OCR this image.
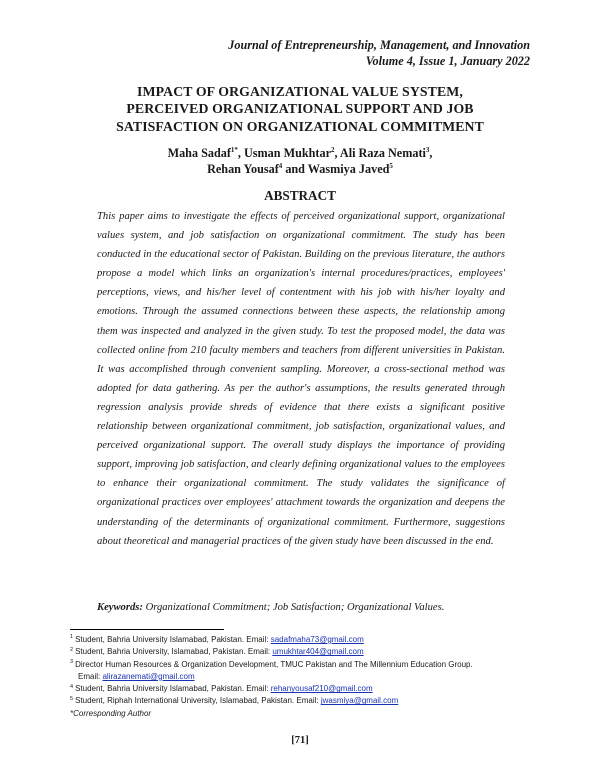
Journal of Entrepreneurship, Management, and Innovation
Volume 4, Issue 1, January 2022
IMPACT OF ORGANIZATIONAL VALUE SYSTEM,
PERCEIVED ORGANIZATIONAL SUPPORT AND JOB
SATISFACTION ON ORGANIZATIONAL COMMITMENT
Maha Sadaf$^{1*}$, Usman Mukhtar$^2$, Ali Raza Nemati$^3$,
Rehan Yousaf$^4$ and Wasmiya Javed$^5$
ABSTRACT
This paper aims to investigate the effects of perceived organizational support, organizational values system, and job satisfaction on organizational commitment. The study has been conducted in the educational sector of Pakistan. Building on the previous literature, the authors propose a model which links an organization's internal procedures/practices, employees' perceptions, views, and his/her level of contentment with his job with his/her loyalty and emotions. Through the assumed connections between these aspects, the relationship among them was inspected and analyzed in the given study. To test the proposed model, the data was collected online from 210 faculty members and teachers from different universities in Pakistan. It was accomplished through convenient sampling. Moreover, a cross-sectional method was adopted for data gathering. As per the author's assumptions, the results generated through regression analysis provide shreds of evidence that there exists a significant positive relationship between organizational commitment, job satisfaction, organizational values, and perceived organizational support. The overall study displays the importance of providing support, improving job satisfaction, and clearly defining organizational values to the employees to enhance their organizational commitment. The study validates the significance of organizational practices over employees' attachment towards the organization and deepens the understanding of the determinants of organizational commitment. Furthermore, suggestions about theoretical and managerial practices of the given study have been discussed in the end.
Keywords: Organizational Commitment; Job Satisfaction; Organizational Values.

$^1$ Student, Bahria University Islamabad, Pakistan. Email: sadafmaha73@gmail.com

$^2$ Student, Bahria University, Islamabad, Pakistan. Email: umukhtar404@gmail.com

$^3$ Director Human Resources & Organization Development, TMUC Pakistan and The Millennium Education Group.
Email: alirazanemati@gmail.com

$^4$ Student, Bahria University Islamabad, Pakistan. Email: rehanyousaf210@gmail.com

$^5$ Student, Riphah International University, Islamabad, Pakistan. Email: jwasmiya@gmail.com

*Corresponding Author

[71]
